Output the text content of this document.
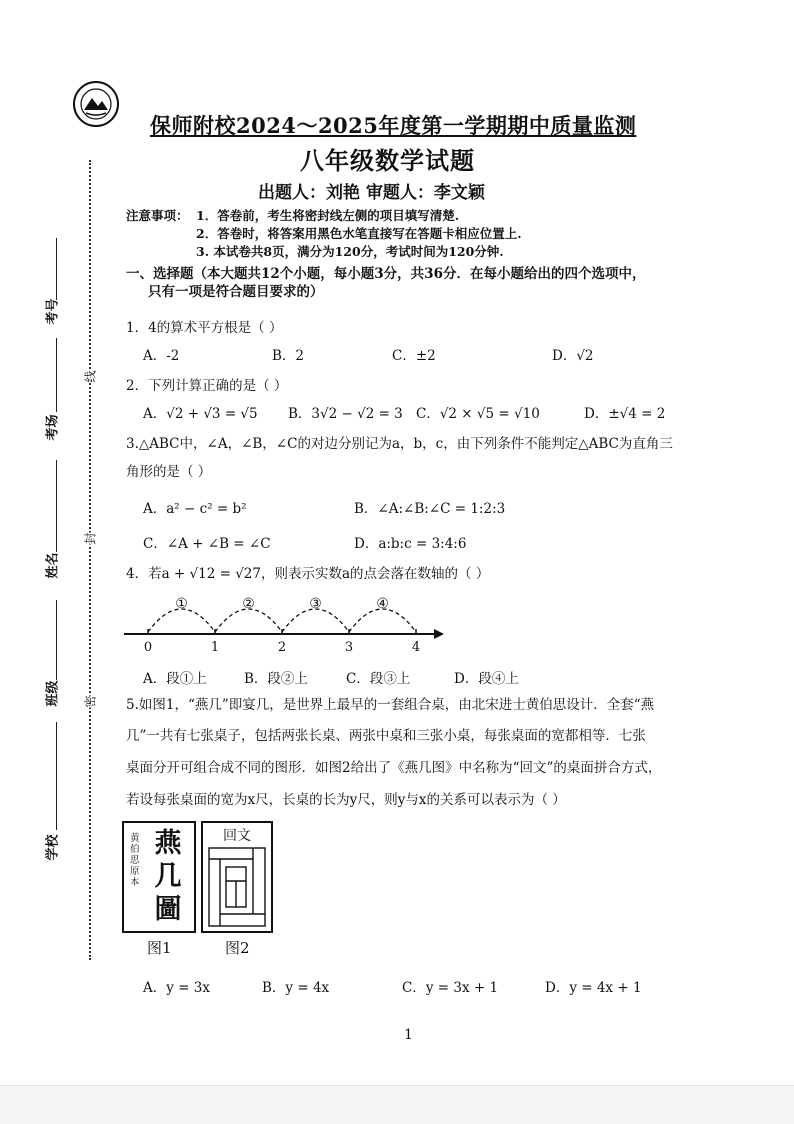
保师附校2024～2025年度第一学期期中质量监测
八年级数学试题
出题人：刘艳 审题人：李文颖
注意事项： 1．答卷前，考生将密封线左侧的项目填写清楚.
2．答卷时，将答案用黑色水笔直接写在答题卡相应位置上.
3. 本试卷共8页，满分为120分，考试时间为120分钟.
一、选择题（本大题共12个小题，每小题3分，共36分．在每小题给出的四个选项中，
只有一项是符合题目要求的）
1．4的算术平方根是（ ）
A．-2	B．2	C．±2	D．√2
2．下列计算正确的是（ ）
A．√2 + √3 = √5 B．3√2 − √2 = 3 C．√2 × √5 = √10	D．±√4 = 2
3.△ABC中，∠A，∠B，∠C的对边分别记为a，b，c，由下列条件不能判定△ABC为直角三
角形的是（ ）
A．a² − c² = b²	B．∠A:∠B:∠C = 1:2:3
C．∠A + ∠B = ∠C	D．a:b:c = 3:4:6
4．若a + √12 = √27，则表示实数a的点会落在数轴的（ ）
①	②	③	④
0	1	2	3	4
A．段①上	B．段②上	C．段③上	D．段④上
5.如图1，“燕几”即宴几，是世界上最早的一套组合桌，由北宋进士黄伯思设计．全套“燕
几”一共有七张桌子，包括两张长桌、两张中桌和三张小桌，每张桌面的宽都相等．七张
桌面分开可组合成不同的图形．如图2给出了《燕几图》中名称为“回文”的桌面拼合方式，
若设每张桌面的宽为x尺，长桌的长为y尺，则y与x的关系可以表示为（ ）
黄伯思原本
燕几圖
图1
回文
图2
A．y = 3x	B．y = 4x	C．y = 3x + 1	D．y = 4x + 1
考号
考场
姓名
班级
学校
线
封
密
1
